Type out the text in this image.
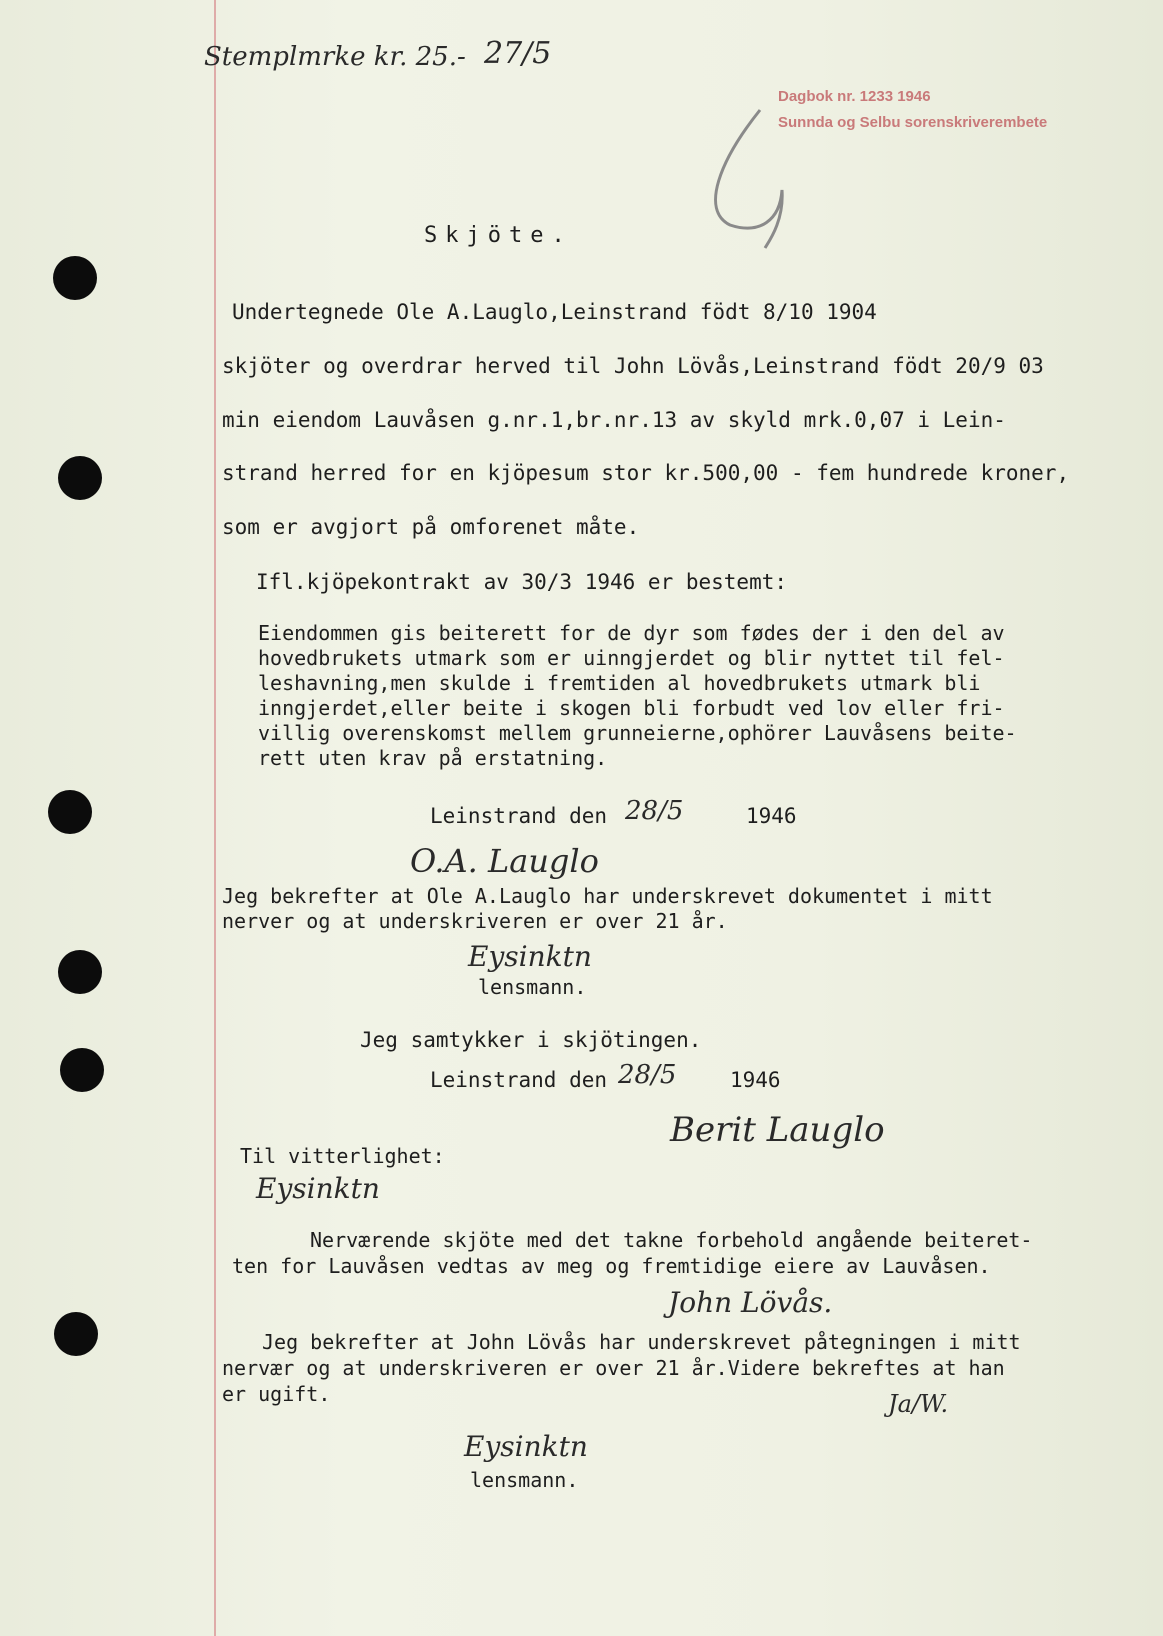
Stemplmrke kr. 25.- 27/5
Dagbok nr. 1233 1946
Sunnda og Selbu sorenskriverembete
Skjöte.
Undertegnede Ole A.Lauglo,Leinstrand födt 8/10 1904
skjöter og overdrar herved til John Lövås,Leinstrand födt 20/9 03
min eiendom Lauvåsen g.nr.1,br.nr.13 av skyld mrk.0,07 i Lein-
strand herred for en kjöpesum stor kr.500,00 - fem hundrede kroner,
som er avgjort på omforenet måte.
Ifl.kjöpekontrakt av 30/3 1946 er bestemt:
Eiendommen gis beiterett for de dyr som fødes der i den del av
hovedbrukets utmark som er uinngjerdet og blir nyttet til fel-
leshavning,men skulde i fremtiden al hovedbrukets utmark bli
inngjerdet,eller beite i skogen bli forbudt ved lov eller fri-
villig overenskomst mellem grunneierne,ophörer Lauvåsens beite-
rett uten krav på erstatning.
Leinstrand den 28/5	1946
O.A. Lauglo
Jeg bekrefter at Ole A.Lauglo har underskrevet dokumentet i mitt
nerver og at underskriveren er over 21 år.
Eysinktn
lensmann.
Jeg samtykker i skjötingen.
Leinstrand den 28/5	1946
Berit Lauglo
Til vitterlighet:
Eysinktn
Nerværende skjöte med det takne forbehold angående beiteret-
ten for Lauvåsen vedtas av meg og fremtidige eiere av Lauvåsen.
John Lövås.
Jeg bekrefter at John Lövås har underskrevet påtegningen i mitt
nervær og at underskriveren er over 21 år.Videre bekreftes at han
er ugift.	Ja/W.
Eysinktn
lensmann.
